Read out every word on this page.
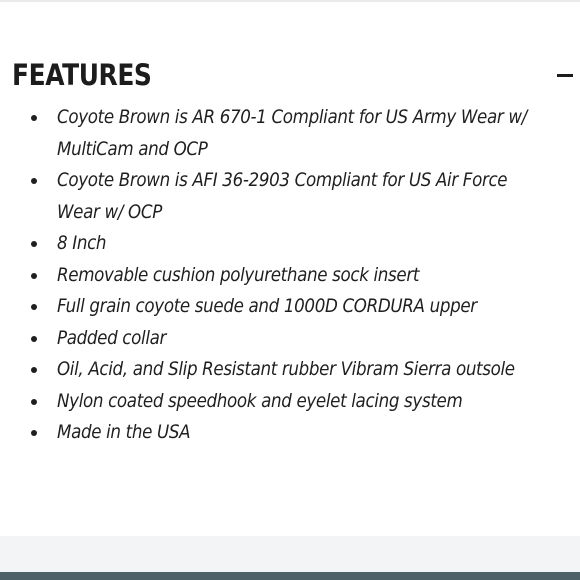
FEATURES
Coyote Brown is AR 670-1 Compliant for US Army Wear w/ MultiCam and OCP
Coyote Brown is AFI 36-2903 Compliant for US Air Force Wear w/ OCP
8 Inch
Removable cushion polyurethane sock insert
Full grain coyote suede and 1000D CORDURA upper
Padded collar
Oil, Acid, and Slip Resistant rubber Vibram Sierra outsole
Nylon coated speedhook and eyelet lacing system
Made in the USA
